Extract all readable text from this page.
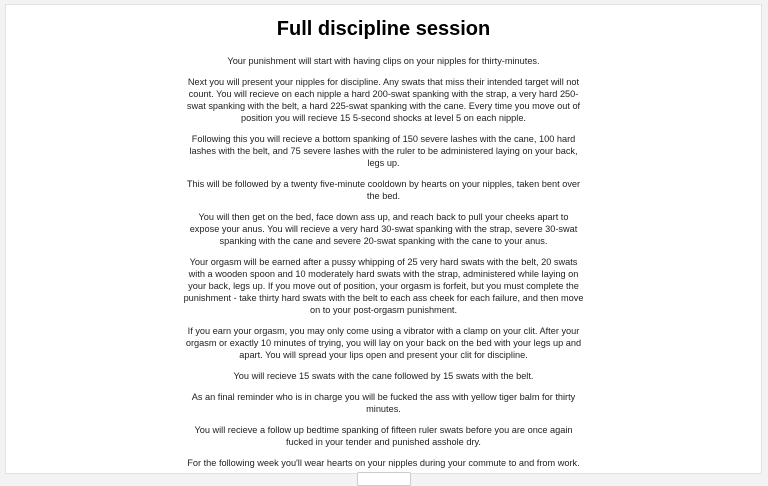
Full discipline session

Your punishment will start with having clips on your nipples for thirty-minutes.

Next you will present your nipples for discipline. Any swats that miss their intended target will not count. You will recieve on each nipple a hard 200-swat spanking with the strap, a very hard 250-swat spanking with the belt, a hard 225-swat spanking with the cane. Every time you move out of position you will recieve 15 5-second shocks at level 5 on each nipple.

Following this you will recieve a bottom spanking of 150 severe lashes with the cane, 100 hard lashes with the belt, and 75 severe lashes with the ruler to be administered laying on your back, legs up.

This will be followed by a twenty five-minute cooldown by hearts on your nipples, taken bent over the bed.

You will then get on the bed, face down ass up, and reach back to pull your cheeks apart to expose your anus. You will recieve a very hard 30-swat spanking with the strap, severe 30-swat spanking with the cane and severe 20-swat spanking with the cane to your anus.

Your orgasm will be earned after a pussy whipping of 25 very hard swats with the belt, 20 swats with a wooden spoon and 10 moderately hard swats with the strap, administered while laying on your back, legs up. If you move out of position, your orgasm is forfeit, but you must complete the punishment - take thirty hard swats with the belt to each ass cheek for each failure, and then move on to your post-orgasm punishment.

If you earn your orgasm, you may only come using a vibrator with a clamp on your clit. After your orgasm or exactly 10 minutes of trying, you will lay on your back on the bed with your legs up and apart. You will spread your lips open and present your clit for discipline.

You will recieve 15 swats with the cane followed by 15 swats with the belt.

As an final reminder who is in charge you will be fucked the ass with yellow tiger balm for thirty minutes.

You will recieve a follow up bedtime spanking of fifteen ruler swats before you are once again fucked in your tender and punished asshole dry.

For the following week you'll wear hearts on your nipples during your commute to and from work.
